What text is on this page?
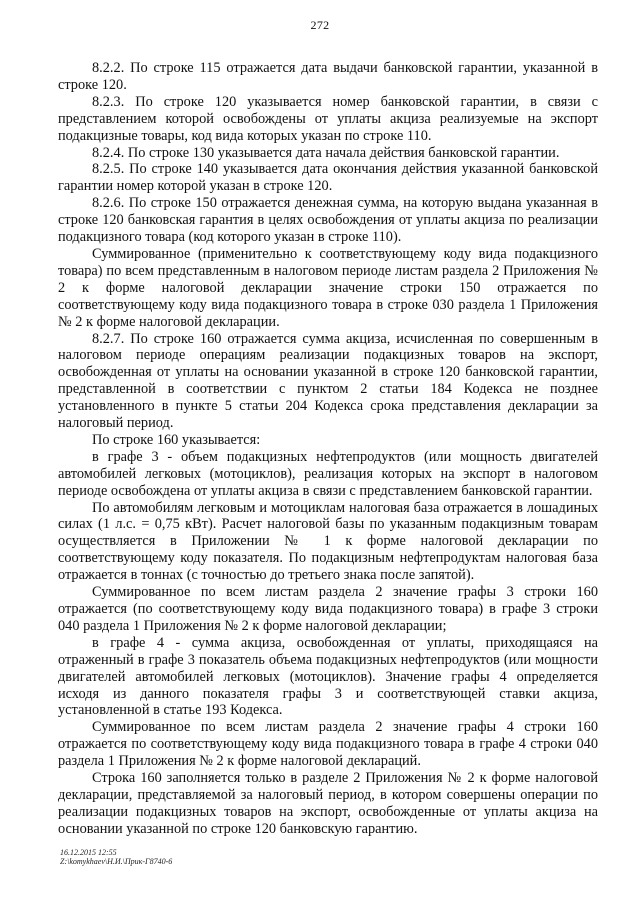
272

8.2.2. По строке 115 отражается дата выдачи банковской гарантии, указанной в строке 120.

8.2.3. По строке 120 указывается номер банковской гарантии, в связи с представлением которой освобождены от уплаты акциза реализуемые на экспорт подакцизные товары, код вида которых указан по строке 110.

8.2.4. По строке 130 указывается дата начала действия банковской гарантии.

8.2.5. По строке 140 указывается дата окончания действия указанной банковской гарантии номер которой указан в строке 120.

8.2.6. По строке 150 отражается денежная сумма, на которую выдана указанная в строке 120 банковская гарантия в целях освобождения от уплаты акциза по реализации подакцизного товара (код которого указан в строке 110).

Суммированное (применительно к соответствующему коду вида подакцизного товара) по всем представленным в налоговом периоде листам раздела 2 Приложения № 2 к форме налоговой декларации значение строки 150 отражается по соответствующему коду вида подакцизного товара в строке 030 раздела 1 Приложения № 2 к форме налоговой декларации.

8.2.7. По строке 160 отражается сумма акциза, исчисленная по совершенным в налоговом периоде операциям реализации подакцизных товаров на экспорт, освобожденная от уплаты на основании указанной в строке 120 банковской гарантии, представленной в соответствии с пунктом 2 статьи 184 Кодекса не позднее установленного в пункте 5 статьи 204 Кодекса срока представления декларации за налоговый период.

По строке 160 указывается:

в графе 3 - объем подакцизных нефтепродуктов (или мощность двигателей автомобилей легковых (мотоциклов), реализация которых на экспорт в налоговом периоде освобождена от уплаты акциза в связи с представлением банковской гарантии.

По автомобилям легковым и мотоциклам налоговая база отражается в лошадиных силах (1 л.с. = 0,75 кВт). Расчет налоговой базы по указанным подакцизным товарам осуществляется в Приложении № 1 к форме налоговой декларации по соответствующему коду показателя. По подакцизным нефтепродуктам налоговая база отражается в тоннах (с точностью до третьего знака после запятой).

Суммированное по всем листам раздела 2 значение графы 3 строки 160 отражается (по соответствующему коду вида подакцизного товара) в графе 3 строки 040 раздела 1 Приложения № 2 к форме налоговой декларации;

в графе 4 - сумма акциза, освобожденная от уплаты, приходящаяся на отраженный в графе 3 показатель объема подакцизных нефтепродуктов (или мощности двигателей автомобилей легковых (мотоциклов). Значение графы 4 определяется исходя из данного показателя графы 3 и соответствующей ставки акциза, установленной в статье 193 Кодекса.

Суммированное по всем листам раздела 2 значение графы 4 строки 160 отражается по соответствующему коду вида подакцизного товара в графе 4 строки 040 раздела 1 Приложения № 2 к форме налоговой деклараций.

Строка 160 заполняется только в разделе 2 Приложения № 2 к форме налоговой декларации, представляемой за налоговый период, в котором совершены операции по реализации подакцизных товаров на экспорт, освобожденные от уплаты акциза на основании указанной по строке 120 банковскую гарантию.

16.12.2015 12:55
Z:\komykhaev\Н.И.\Прик-Г8740-6
